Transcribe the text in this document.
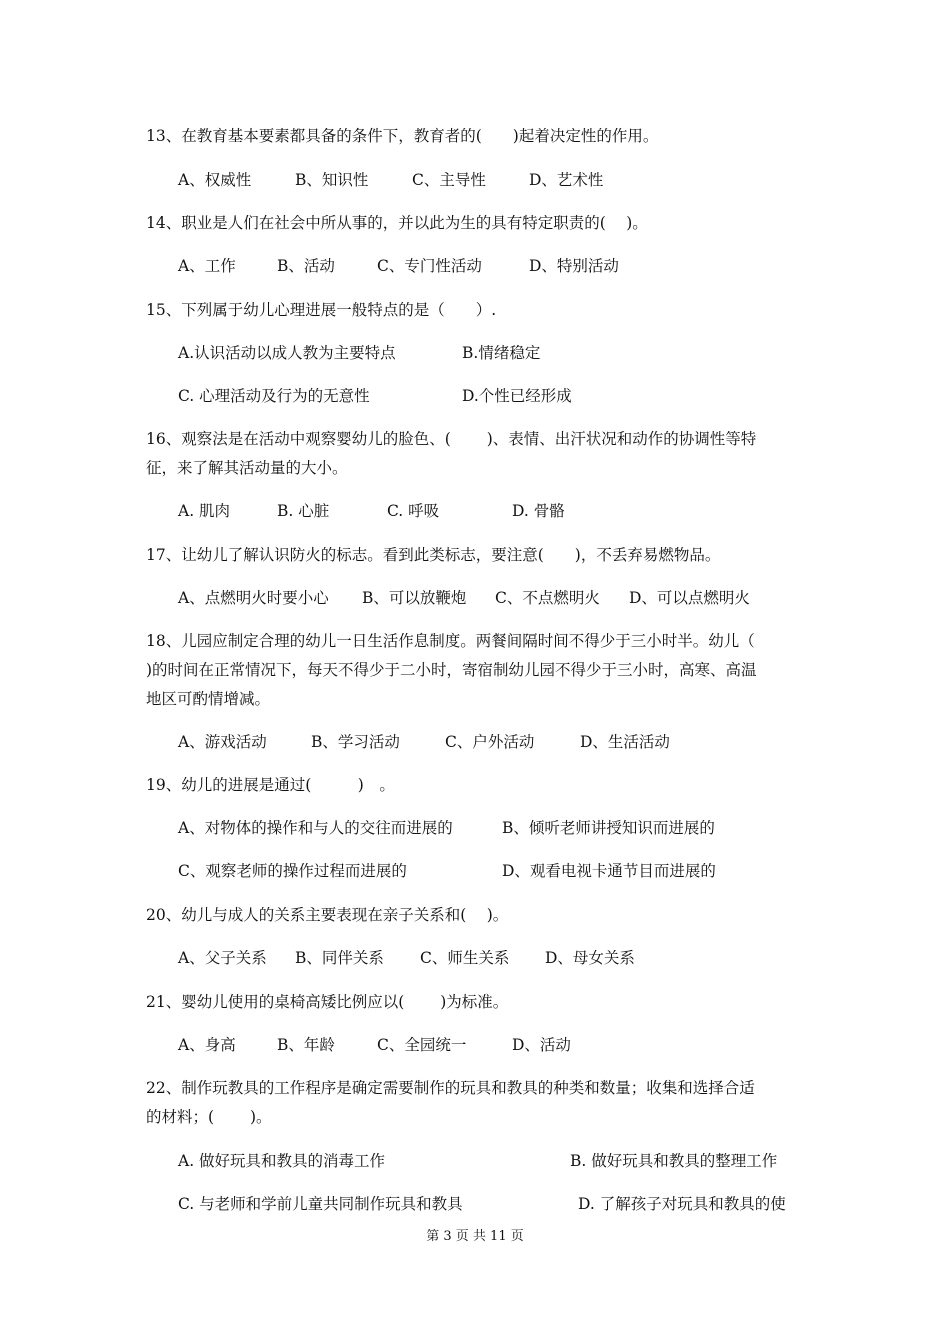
13、在教育基本要素都具备的条件下，教育者的(　　)起着决定性的作用。
A、权威性	B、知识性	C、主导性	D、艺术性
14、职业是人们在社会中所从事的，并以此为生的具有特定职责的(　 )。
A、工作	B、活动	C、专门性活动	D、特别活动
15、下列属于幼儿心理进展一般特点的是（　　）.
A.认识活动以成人教为主要特点	B.情绪稳定
C. 心理活动及行为的无意性	D.个性已经形成
16、观察法是在活动中观察婴幼儿的脸色、(　　 )、表情、出汗状况和动作的协调性等特
征，来了解其活动量的大小。
A. 肌肉	B. 心脏	C. 呼吸	D. 骨骼
17、让幼儿了解认识防火的标志。看到此类标志，要注意(　　)，不丢弃易燃物品。
A、点燃明火时要小心 B、可以放鞭炮 C、不点燃明火 D、可以点燃明火
18、儿园应制定合理的幼儿一日生活作息制度。两餐间隔时间不得少于三小时半。幼儿（
)的时间在正常情况下，每天不得少于二小时，寄宿制幼儿园不得少于三小时，高寒、高温
地区可酌情增减。
A、游戏活动	B、学习活动	C、户外活动	D、生活活动
19、幼儿的进展是通过(　　　)　。
A、对物体的操作和与人的交往而进展的	B、倾听老师讲授知识而进展的
C、观察老师的操作过程而进展的	D、观看电视卡通节目而进展的
20、幼儿与成人的关系主要表现在亲子关系和(　 )。
A、父子关系 B、同伴关系 C、师生关系 D、母女关系
21、婴幼儿使用的桌椅高矮比例应以(　　 )为标准。
A、身高	B、年龄	C、全园统一	D、活动
22、制作玩教具的工作程序是确定需要制作的玩具和教具的种类和数量；收集和选择合适
的材料；(　　 )。
A. 做好玩具和教具的消毒工作	B. 做好玩具和教具的整理工作
C. 与老师和学前儿童共同制作玩具和教具	D. 了解孩子对玩具和教具的使
第 3 页 共 11 页
